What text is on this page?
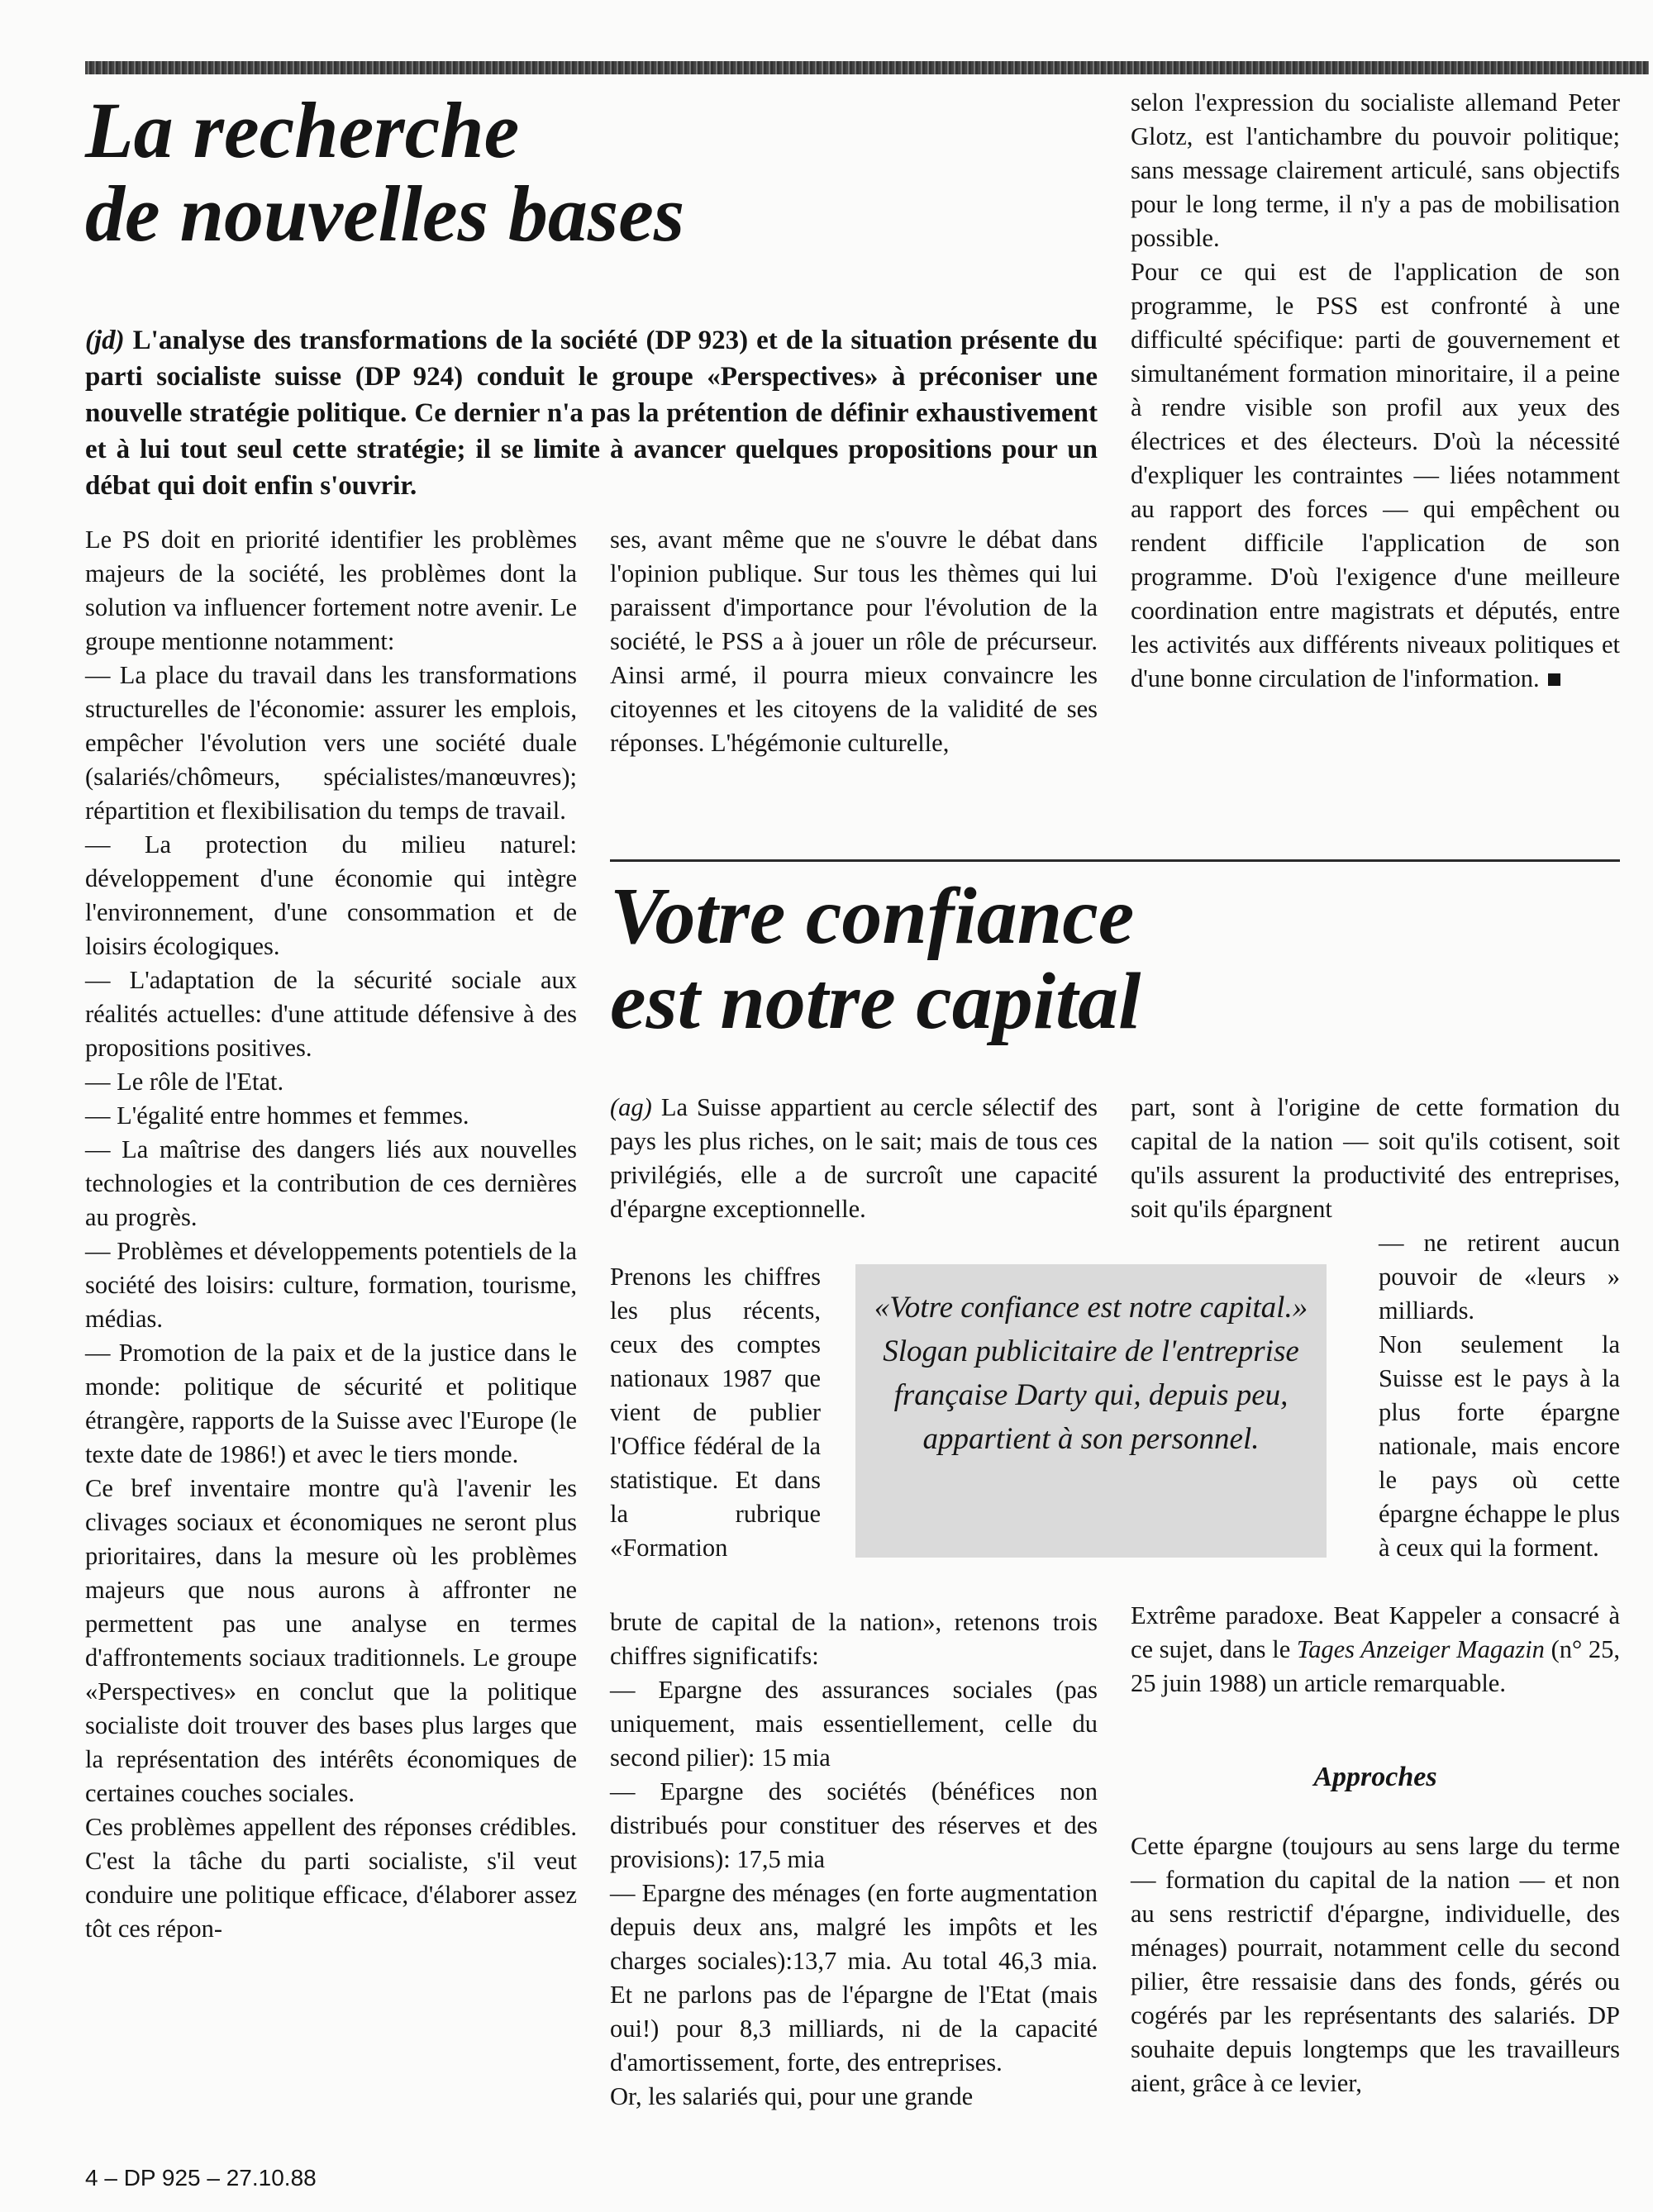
La recherche
de nouvelles bases

(jd) L'analyse des transformations de la société (DP 923) et de la situation présente du parti socialiste suisse (DP 924) conduit le groupe «Perspectives» à préconiser une nouvelle stratégie politique. Ce dernier n'a pas la prétention de définir exhaustivement et à lui tout seul cette stratégie; il se limite à avancer quelques propositions pour un débat qui doit enfin s'ouvrir.

Le PS doit en priorité identifier les problèmes majeurs de la société, les problèmes dont la solution va influencer fortement notre avenir. Le groupe mentionne notamment:

— La place du travail dans les transformations structurelles de l'économie: assurer les emplois, empêcher l'évolution vers une société duale (salariés/chômeurs, spécialistes/manœuvres); répartition et flexibilisation du temps de travail.

— La protection du milieu naturel: développement d'une économie qui intègre l'environnement, d'une consommation et de loisirs écologiques.

— L'adaptation de la sécurité sociale aux réalités actuelles: d'une attitude défensive à des propositions positives.

— Le rôle de l'Etat.

— L'égalité entre hommes et femmes.

— La maîtrise des dangers liés aux nouvelles technologies et la contribution de ces dernières au progrès.

— Problèmes et développements potentiels de la société des loisirs: culture, formation, tourisme, médias.

— Promotion de la paix et de la justice dans le monde: politique de sécurité et politique étrangère, rapports de la Suisse avec l'Europe (le texte date de 1986!) et avec le tiers monde.

Ce bref inventaire montre qu'à l'avenir les clivages sociaux et économiques ne seront plus prioritaires, dans la mesure où les problèmes majeurs que nous aurons à affronter ne permettent pas une analyse en termes d'affrontements sociaux traditionnels. Le groupe «Perspectives» en conclut que la politique socialiste doit trouver des bases plus larges que la représentation des intérêts économiques de certaines couches sociales.

Ces problèmes appellent des réponses crédibles. C'est la tâche du parti socialiste, s'il veut conduire une politique efficace, d'élaborer assez tôt ces répon-

ses, avant même que ne s'ouvre le débat dans l'opinion publique. Sur tous les thèmes qui lui paraissent d'importance pour l'évolution de la société, le PSS a à jouer un rôle de précurseur. Ainsi armé, il pourra mieux convaincre les citoyennes et les citoyens de la validité de ses réponses. L'hégémonie culturelle,

selon l'expression du socialiste allemand Peter Glotz, est l'antichambre du pouvoir politique; sans message clairement articulé, sans objectifs pour le long terme, il n'y a pas de mobilisation possible.

Pour ce qui est de l'application de son programme, le PSS est confronté à une difficulté spécifique: parti de gouvernement et simultanément formation minoritaire, il a peine à rendre visible son profil aux yeux des électrices et des électeurs. D'où la nécessité d'expliquer les contraintes — liées notamment au rapport des forces — qui empêchent ou rendent difficile l'application de son programme. D'où l'exigence d'une meilleure coordination entre magistrats et députés, entre les activités aux différents niveaux politiques et d'une bonne circulation de l'information.

Votre confiance
est notre capital

(ag) La Suisse appartient au cercle sélectif des pays les plus riches, on le sait; mais de tous ces privilégiés, elle a de surcroît une capacité d'épargne exceptionnelle.

Prenons les chiffres les plus récents, ceux des comptes nationaux 1987 que vient de publier l'Office fédéral de la statistique. Et dans la rubrique «Formation

«Votre confiance est notre capital.»
Slogan publicitaire de l'entreprise française Darty qui, depuis peu, appartient à son personnel.

brute de capital de la nation», retenons trois chiffres significatifs:

— Epargne des assurances sociales (pas uniquement, mais essentiellement, celle du second pilier): 15 mia

— Epargne des sociétés (bénéfices non distribués pour constituer des réserves et des provisions): 17,5 mia

— Epargne des ménages (en forte augmentation depuis deux ans, malgré les impôts et les charges sociales):13,7 mia. Au total 46,3 mia. Et ne parlons pas de l'épargne de l'Etat (mais oui!) pour 8,3 milliards, ni de la capacité d'amortissement, forte, des entreprises.

Or, les salariés qui, pour une grande

part, sont à l'origine de cette formation du capital de la nation — soit qu'ils cotisent, soit qu'ils assurent la productivité des entreprises, soit qu'ils épargnent

— ne retirent aucun pouvoir de «leurs » milliards.

Non seulement la Suisse est le pays à la plus forte épargne nationale, mais encore le pays où cette épargne échappe le plus à ceux qui la forment.

Extrême paradoxe. Beat Kappeler a consacré à ce sujet, dans le Tages Anzeiger Magazin (n° 25, 25 juin 1988) un article remarquable.

Approches

Cette épargne (toujours au sens large du terme — formation du capital de la nation — et non au sens restrictif d'épargne, individuelle, des ménages) pourrait, notamment celle du second pilier, être ressaisie dans des fonds, gérés ou cogérés par les représentants des salariés. DP souhaite depuis longtemps que les travailleurs aient, grâce à ce levier,

4 – DP 925 – 27.10.88
